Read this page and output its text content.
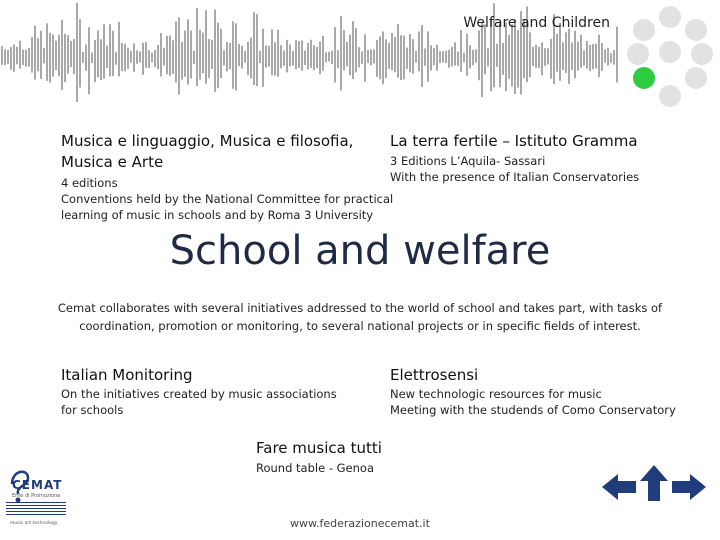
Welfare and Children
Musica e linguaggio, Musica e filosofia,
Musica e Arte
4 editions
Conventions held by the National Committee for practical
learning of music in schools and by Roma 3 University
La terra fertile – Istituto Gramma
3 Editions L’Aquila- Sassari
With the presence of Italian Conservatories
School and welfare
Cemat collaborates with several initiatives addressed to the world of school and takes part, with tasks of
coordination, promotion or monitoring, to several national projects or in specific fields of interest.
Italian Monitoring
On the initiatives created by music associations
for schools
Elettrosensi
New technologic resources for music
Meeting with the studends of Como Conservatory
Fare musica tutti
Round table - Genoa
CEMAT
Ente di Promozione
music art technology	www.federazionecemat.it
